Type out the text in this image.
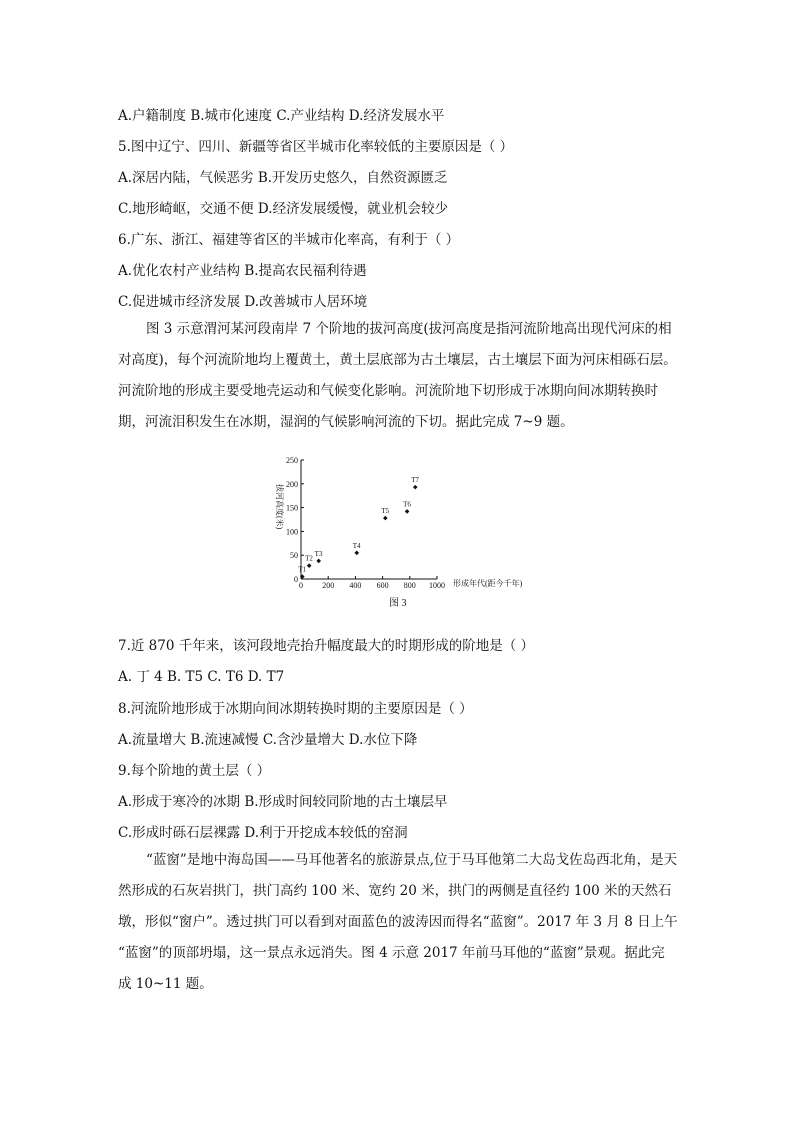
A.户籍制度 B.城市化速度 C.产业结构 D.经济发展水平
5.图中辽宁、四川、新疆等省区半城市化率较低的主要原因是（ ）
A.深居内陆，气候恶劣 B.开发历史悠久，自然资源匮乏
C.地形崎岖，交通不便 D.经济发展缓慢，就业机会较少
6.广东、浙江、福建等省区的半城市化率高，有利于（ ）
A.优化农村产业结构 B.提高农民福利待遇
C.促进城市经济发展 D.改善城市人居环境

图 3 示意渭河某河段南岸 7 个阶地的拔河高度(拔河高度是指河流阶地高出现代河床的相对高度)，每个河流阶地均上覆黄土，黄土层底部为古土壤层，古土壤层下面为河床相砾石层。河流阶地的形成主要受地壳运动和气候变化影响。河流阶地下切形成于冰期向间冰期转换时期，河流泪积发生在冰期，湿润的气候影响河流的下切。据此完成 7~9 题。

0
50
100
150
200
250
0 200 400 600 800 1000 形成年代(距今千年)
拔河高度(米)
T1
T2
T3
T4
T5
T6
T7
图 3
7.近 870 千年来，该河段地壳抬升幅度最大的时期形成的阶地是（ ）
A. 丁 4 B. T5 C. T6 D. T7
8.河流阶地形成于冰期向间冰期转换时期的主要原因是（ ）
A.流量增大 B.流速减慢 C.含沙量增大 D.水位下降
9.每个阶地的黄土层（ ）
A.形成于寒冷的冰期 B.形成时间较同阶地的古土壤层早
C.形成时砾石层裸露 D.利于开挖成本较低的窑洞

“蓝窗”是地中海岛国——马耳他著名的旅游景点,位于马耳他第二大岛戈佐岛西北角，是天然形成的石灰岩拱门，拱门高约 100 米、宽约 20 米，拱门的两侧是直径约 100 米的天然石墩，形似“窗户”。透过拱门可以看到对面蓝色的波涛因而得名“蓝窗”。2017 年 3 月 8 日上午 “蓝窗”的顶部坍塌，这一景点永远消失。图 4 示意 2017 年前马耳他的“蓝窗”景观。据此完成 10~11 题。
